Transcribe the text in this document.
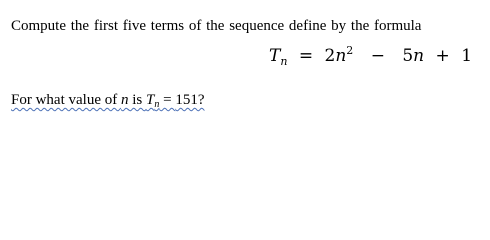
Compute the first five terms of the sequence define by the formula
$T_n = 2n^2 - 5n + 1$
For what value of n is $T_n = 151$?
